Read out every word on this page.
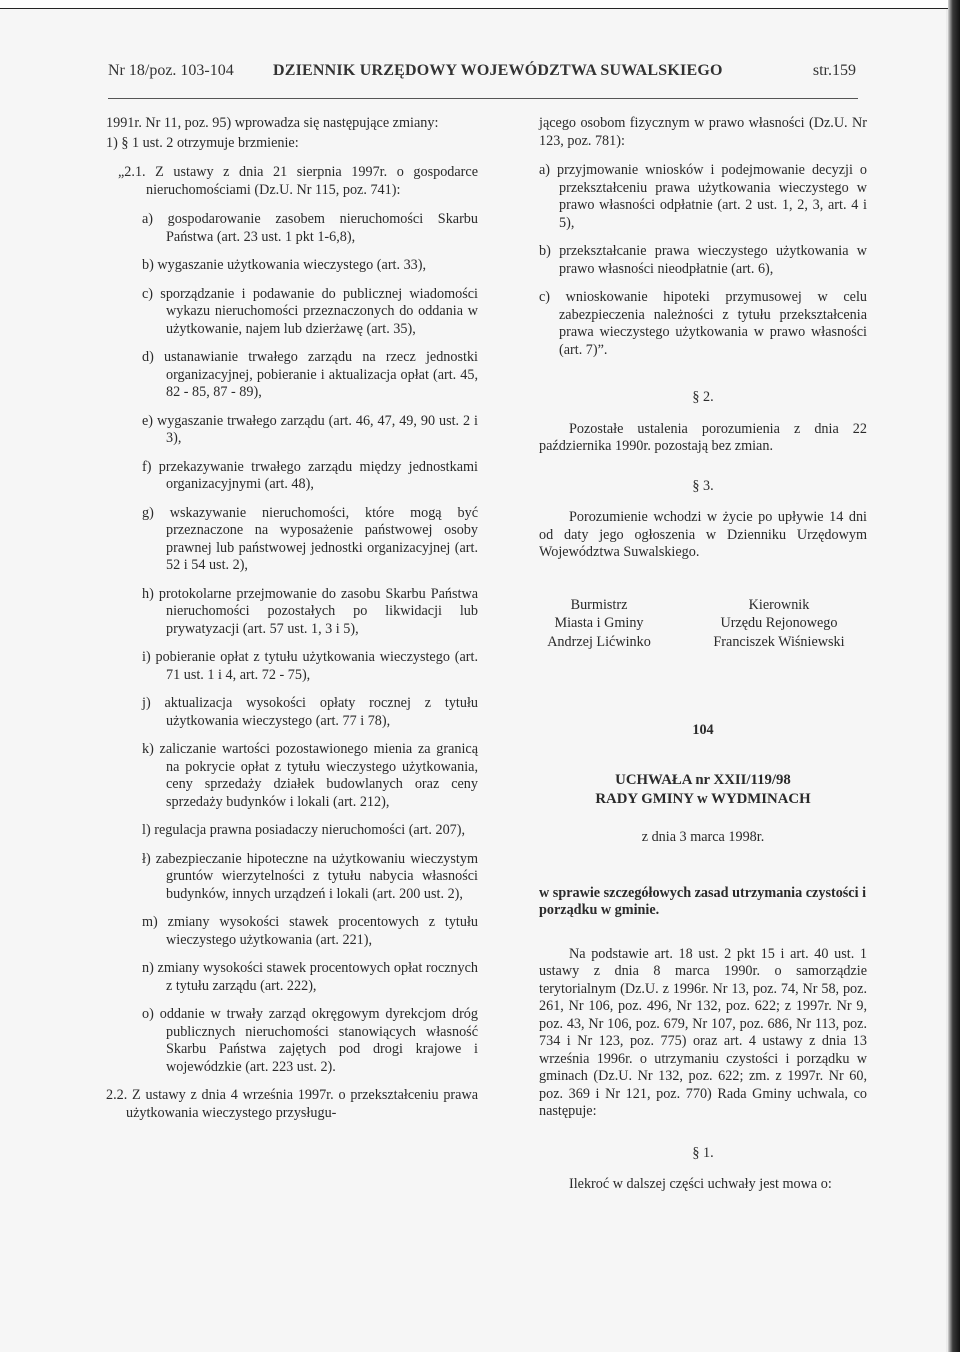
Nr 18/poz. 103-104 DZIENNIK URZĘDOWY WOJEWÓDZTWA SUWALSKIEGO	str.159

1991r. Nr 11, poz. 95) wprowadza się następujące zmiany:

1) § 1 ust. 2 otrzymuje brzmienie:

„2.1. Z ustawy z dnia 21 sierpnia 1997r. o gospodarce nieruchomościami (Dz.U. Nr 115, poz. 741):

a) gospodarowanie zasobem nieruchomości Skarbu Państwa (art. 23 ust. 1 pkt 1-6,8),

b) wygaszanie użytkowania wieczystego (art. 33),

c) sporządzanie i podawanie do publicznej wiadomości wykazu nieruchomości przeznaczonych do oddania w użytkowanie, najem lub dzierżawę (art. 35),

d) ustanawianie trwałego zarządu na rzecz jednostki organizacyjnej, pobieranie i aktualizacja opłat (art. 45, 82 - 85, 87 - 89),

e) wygaszanie trwałego zarządu (art. 46, 47, 49, 90 ust. 2 i 3),

f) przekazywanie trwałego zarządu między jednostkami organizacyjnymi (art. 48),

g) wskazywanie nieruchomości, które mogą być przeznaczone na wyposażenie państwowej osoby prawnej lub państwowej jednostki organizacyjnej (art. 52 i 54 ust. 2),

h) protokolarne przejmowanie do zasobu Skarbu Państwa nieruchomości pozostałych po likwidacji lub prywatyzacji (art. 57 ust. 1, 3 i 5),

i) pobieranie opłat z tytułu użytkowania wieczystego (art. 71 ust. 1 i 4, art. 72 - 75),

j) aktualizacja wysokości opłaty rocznej z tytułu użytkowania wieczystego (art. 77 i 78),

k) zaliczanie wartości pozostawionego mienia za granicą na pokrycie opłat z tytułu wieczystego użytkowania, ceny sprzedaży działek budowlanych oraz ceny sprzedaży budynków i lokali (art. 212),

l) regulacja prawna posiadaczy nieruchomości (art. 207),

ł) zabezpieczanie hipoteczne na użytkowaniu wieczystym gruntów wierzytelności z tytułu nabycia własności budynków, innych urządzeń i lokali (art. 200 ust. 2),

m) zmiany wysokości stawek procentowych z tytułu wieczystego użytkowania (art. 221),

n) zmiany wysokości stawek procentowych opłat rocznych z tytułu zarządu (art. 222),

o) oddanie w trwały zarząd okręgowym dyrekcjom dróg publicznych nieruchomości stanowiących własność Skarbu Państwa zajętych pod drogi krajowe i wojewódzkie (art. 223 ust. 2).

2.2. Z ustawy z dnia 4 września 1997r. o przekształceniu prawa użytkowania wieczystego przysługu-

jącego osobom fizycznym w prawo własności (Dz.U. Nr 123, poz. 781):

a) przyjmowanie wniosków i podejmowanie decyzji o przekształceniu prawa użytkowania wieczystego w prawo własności odpłatnie (art. 2 ust. 1, 2, 3, art. 4 i 5),

b) przekształcanie prawa wieczystego użytkowania w prawo własności nieodpłatnie (art. 6),

c) wnioskowanie hipoteki przymusowej w celu zabezpieczenia należności z tytułu przekształcenia prawa wieczystego użytkowania w prawo własności (art. 7)”.

§ 2.

Pozostałe ustalenia porozumienia z dnia 22 października 1990r. pozostają bez zmian.

§ 3.

Porozumienie wchodzi w życie po upływie 14 dni od daty jego ogłoszenia w Dzienniku Urzędowym Województwa Suwalskiego.

Burmistrz
Miasta i Gminy
Andrzej Lićwinko
Kierownik
Urzędu Rejonowego
Franciszek Wiśniewski
104
UCHWAŁA nr XXII/119/98
RADY GMINY w WYDMINACH
z dnia 3 marca 1998r.

w sprawie szczegółowych zasad utrzymania czystości i porządku w gminie.

Na podstawie art. 18 ust. 2 pkt 15 i art. 40 ust. 1 ustawy z dnia 8 marca 1990r. o samorządzie terytorialnym (Dz.U. z 1996r. Nr 13, poz. 74, Nr 58, poz. 261, Nr 106, poz. 496, Nr 132, poz. 622; z 1997r. Nr 9, poz. 43, Nr 106, poz. 679, Nr 107, poz. 686, Nr 113, poz. 734 i Nr 123, poz. 775) oraz art. 4 ustawy z dnia 13 września 1996r. o utrzymaniu czystości i porządku w gminach (Dz.U. Nr 132, poz. 622; zm. z 1997r. Nr 60, poz. 369 i Nr 121, poz. 770) Rada Gminy uchwala, co następuje:

§ 1.

Ilekroć w dalszej części uchwały jest mowa o:
